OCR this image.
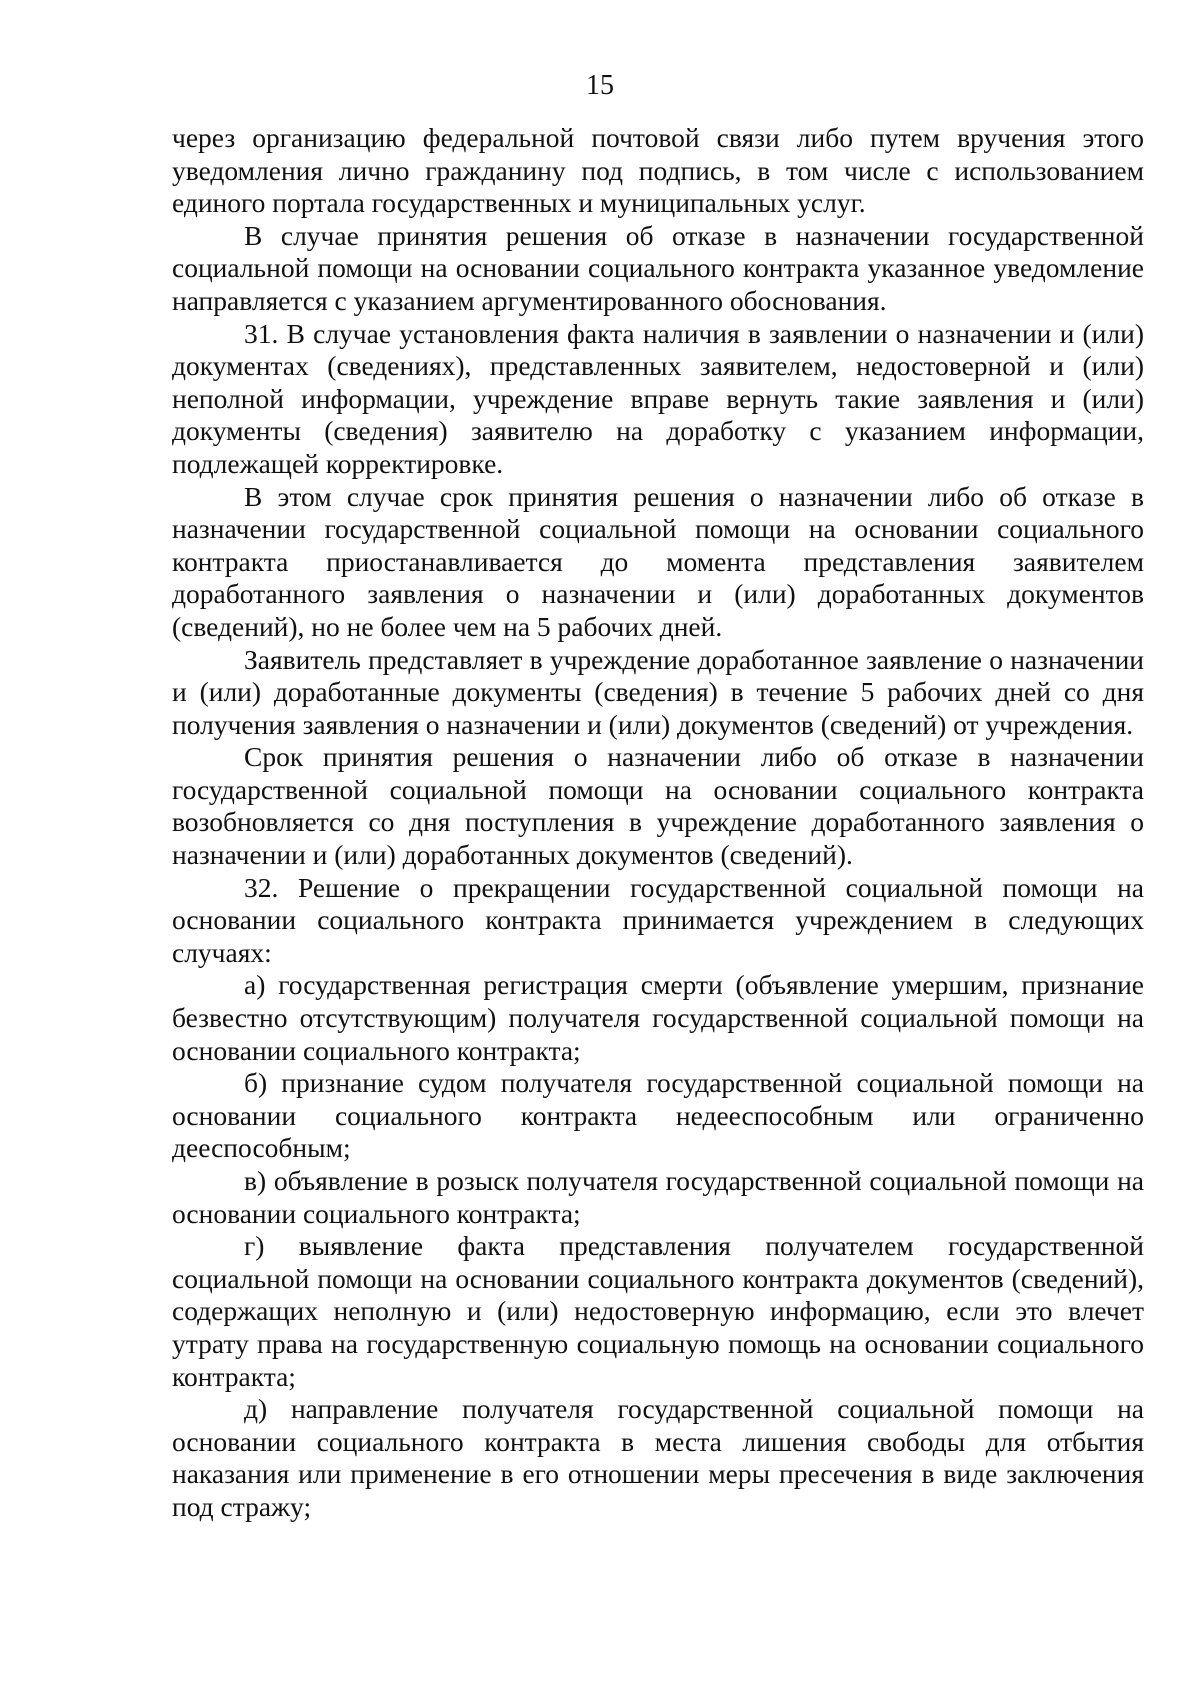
15

через организацию федеральной почтовой связи либо путем вручения этого уведомления лично гражданину под подпись, в том числе с использованием единого портала государственных и муниципальных услуг.

В случае принятия решения об отказе в назначении государственной социальной помощи на основании социального контракта указанное уведомление направляется с указанием аргументированного обоснования.

31. В случае установления факта наличия в заявлении о назначении и (или) документах (сведениях), представленных заявителем, недостоверной и (или) неполной информации, учреждение вправе вернуть такие заявления и (или) документы (сведения) заявителю на доработку с указанием информации, подлежащей корректировке.

В этом случае срок принятия решения о назначении либо об отказе в назначении государственной социальной помощи на основании социального контракта приостанавливается до момента представления заявителем доработанного заявления о назначении и (или) доработанных документов (сведений), но не более чем на 5 рабочих дней.

Заявитель представляет в учреждение доработанное заявление о назначении и (или) доработанные документы (сведения) в течение 5 рабочих дней со дня получения заявления о назначении и (или) документов (сведений) от учреждения.

Срок принятия решения о назначении либо об отказе в назначении государственной социальной помощи на основании социального контракта возобновляется со дня поступления в учреждение доработанного заявления о назначении и (или) доработанных документов (сведений).

32. Решение о прекращении государственной социальной помощи на основании социального контракта принимается учреждением в следующих случаях:

а) государственная регистрация смерти (объявление умершим, признание безвестно отсутствующим) получателя государственной социальной помощи на основании социального контракта;

б) признание судом получателя государственной социальной помощи на основании социального контракта недееспособным или ограниченно дееспособным;

в) объявление в розыск получателя государственной социальной помощи на основании социального контракта;

г) выявление факта представления получателем государственной социальной помощи на основании социального контракта документов (сведений), содержащих неполную и (или) недостоверную информацию, если это влечет утрату права на государственную социальную помощь на основании социального контракта;

д) направление получателя государственной социальной помощи на основании социального контракта в места лишения свободы для отбытия наказания или применение в его отношении меры пресечения в виде заключения под стражу;
